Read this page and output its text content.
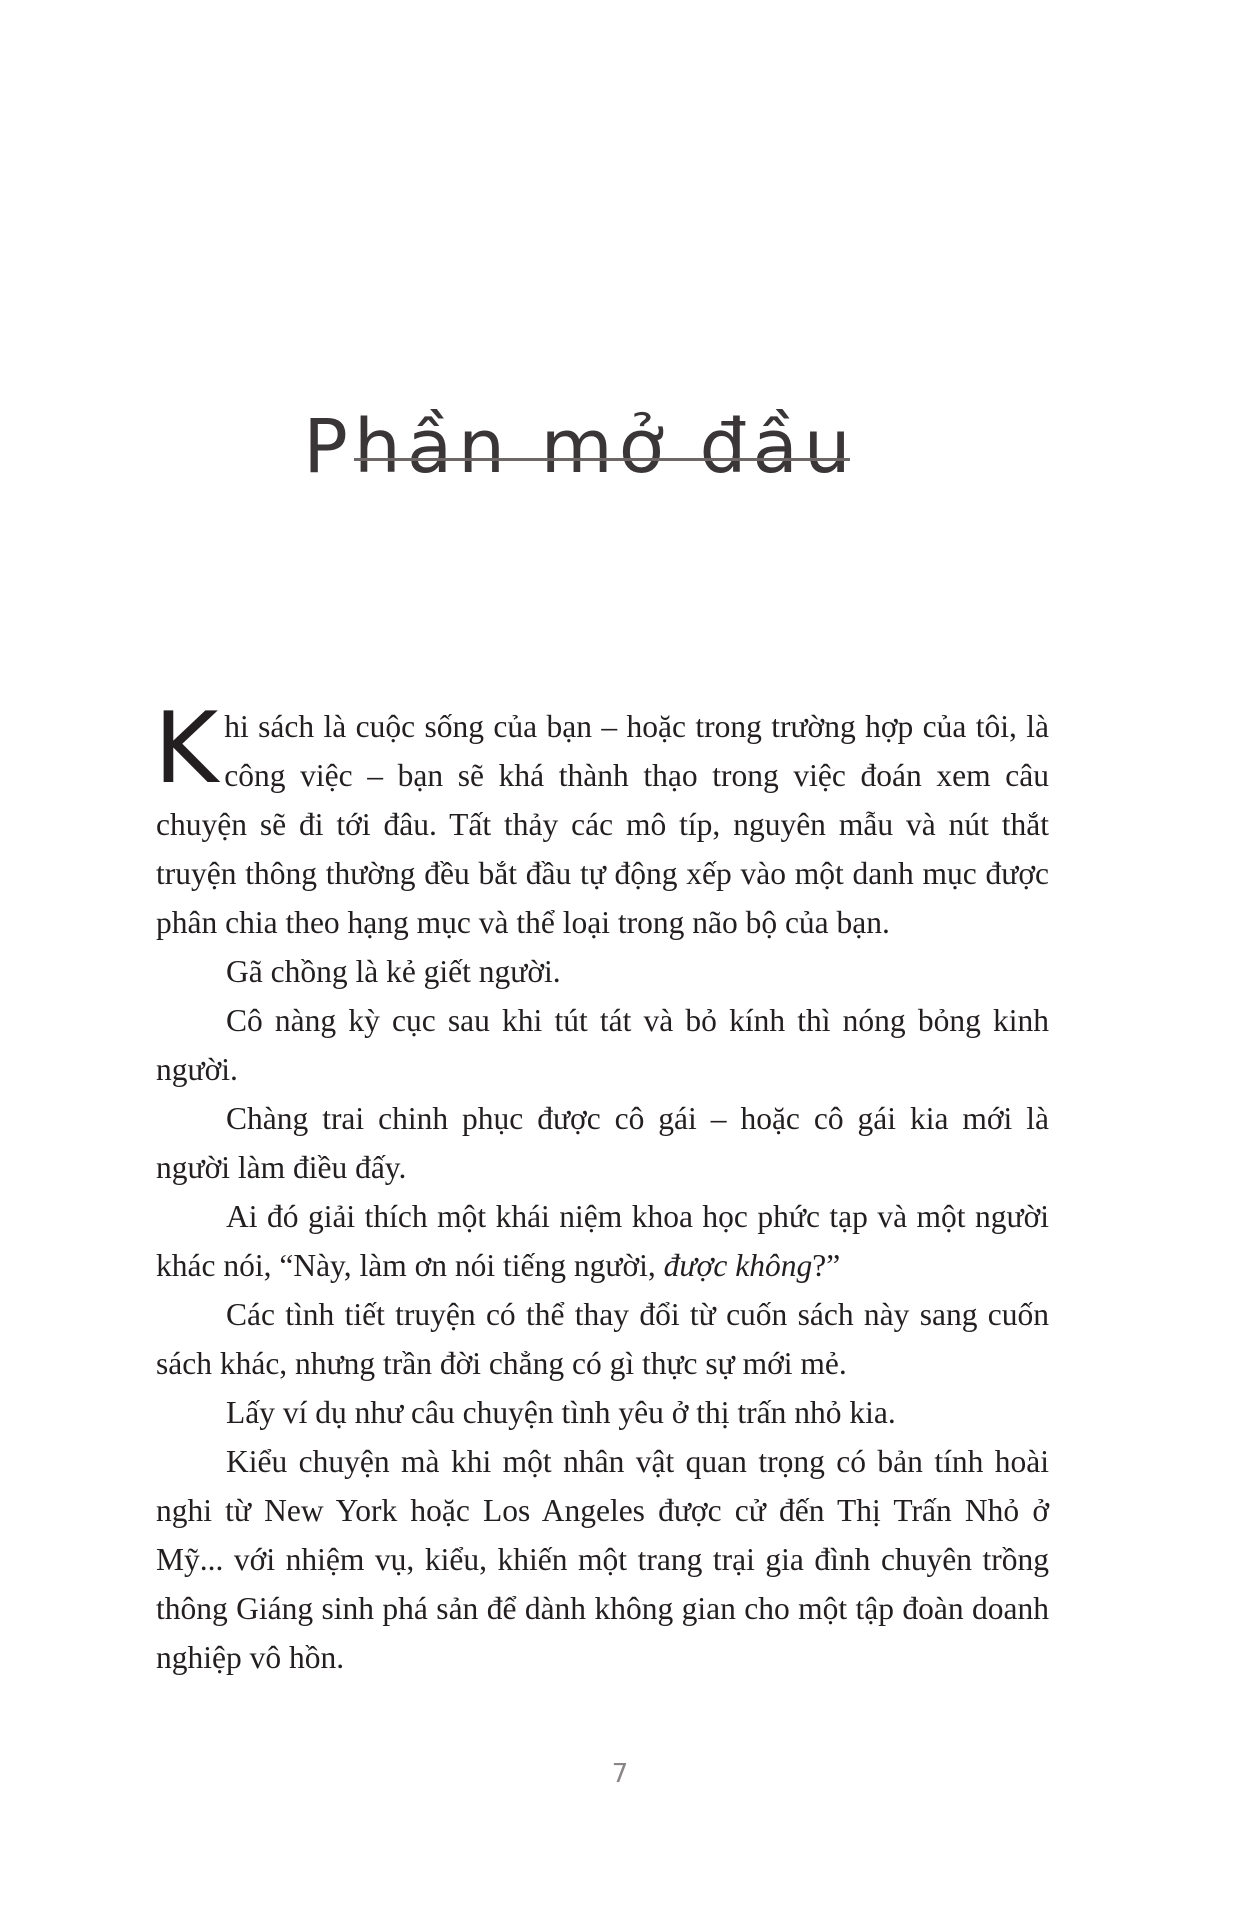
Phần mở đầu

Khi sách là cuộc sống của bạn – hoặc trong trường hợp của tôi, là công việc – bạn sẽ khá thành thạo trong việc đoán xem câu chuyện sẽ đi tới đâu. Tất thảy các mô típ, nguyên mẫu và nút thắt truyện thông thường đều bắt đầu tự động xếp vào một danh mục được phân chia theo hạng mục và thể loại trong não bộ của bạn.

Gã chồng là kẻ giết người.

Cô nàng kỳ cục sau khi tút tát và bỏ kính thì nóng bỏng kinh người.

Chàng trai chinh phục được cô gái – hoặc cô gái kia mới là người làm điều đấy.

Ai đó giải thích một khái niệm khoa học phức tạp và một người khác nói, “Này, làm ơn nói tiếng người, được không?”

Các tình tiết truyện có thể thay đổi từ cuốn sách này sang cuốn sách khác, nhưng trần đời chẳng có gì thực sự mới mẻ.

Lấy ví dụ như câu chuyện tình yêu ở thị trấn nhỏ kia.

Kiểu chuyện mà khi một nhân vật quan trọng có bản tính hoài nghi từ New York hoặc Los Angeles được cử đến Thị Trấn Nhỏ ở Mỹ... với nhiệm vụ, kiểu, khiến một trang trại gia đình chuyên trồng thông Giáng sinh phá sản để dành không gian cho một tập đoàn doanh nghiệp vô hồn.

7
